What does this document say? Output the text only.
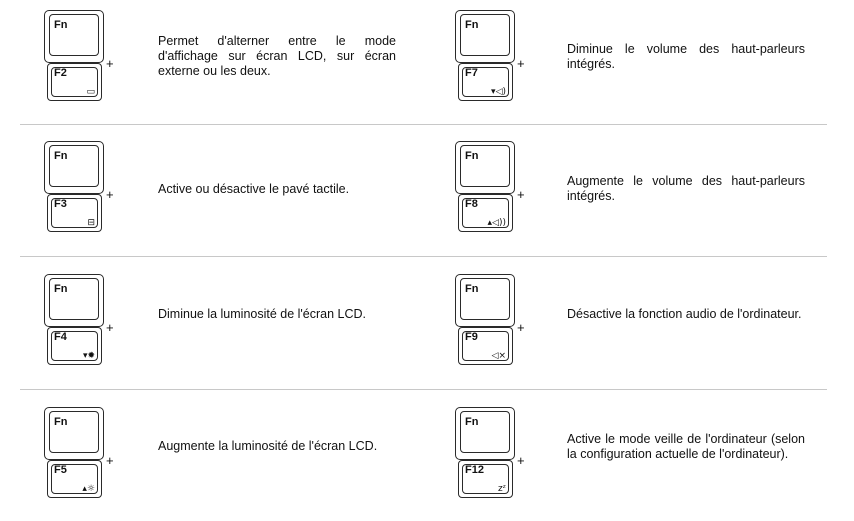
Fn
+
F2
▭
Permet d'alterner entre le mode d'affichage sur écran LCD, sur écran externe ou les deux.
Fn
+
F7
▾◁)
Diminue le volume des haut-parleurs intégrés.
Fn
+
F3
⊟
Active ou désactive le pavé tactile.
Fn
+
F8
▴◁))
Augmente le volume des haut-parleurs intégrés.
Fn
+
F4
▾✹
Diminue la luminosité de l'écran LCD.
Fn
+
F9
◁×
Désactive la fonction audio de l'ordinateur.
Fn
+
F5
▴☼
Augmente la luminosité de l'écran LCD.
Fn
+
F12
zᶻ
Active le mode veille de l'ordinateur (selon la configuration actuelle de l'ordinateur).
